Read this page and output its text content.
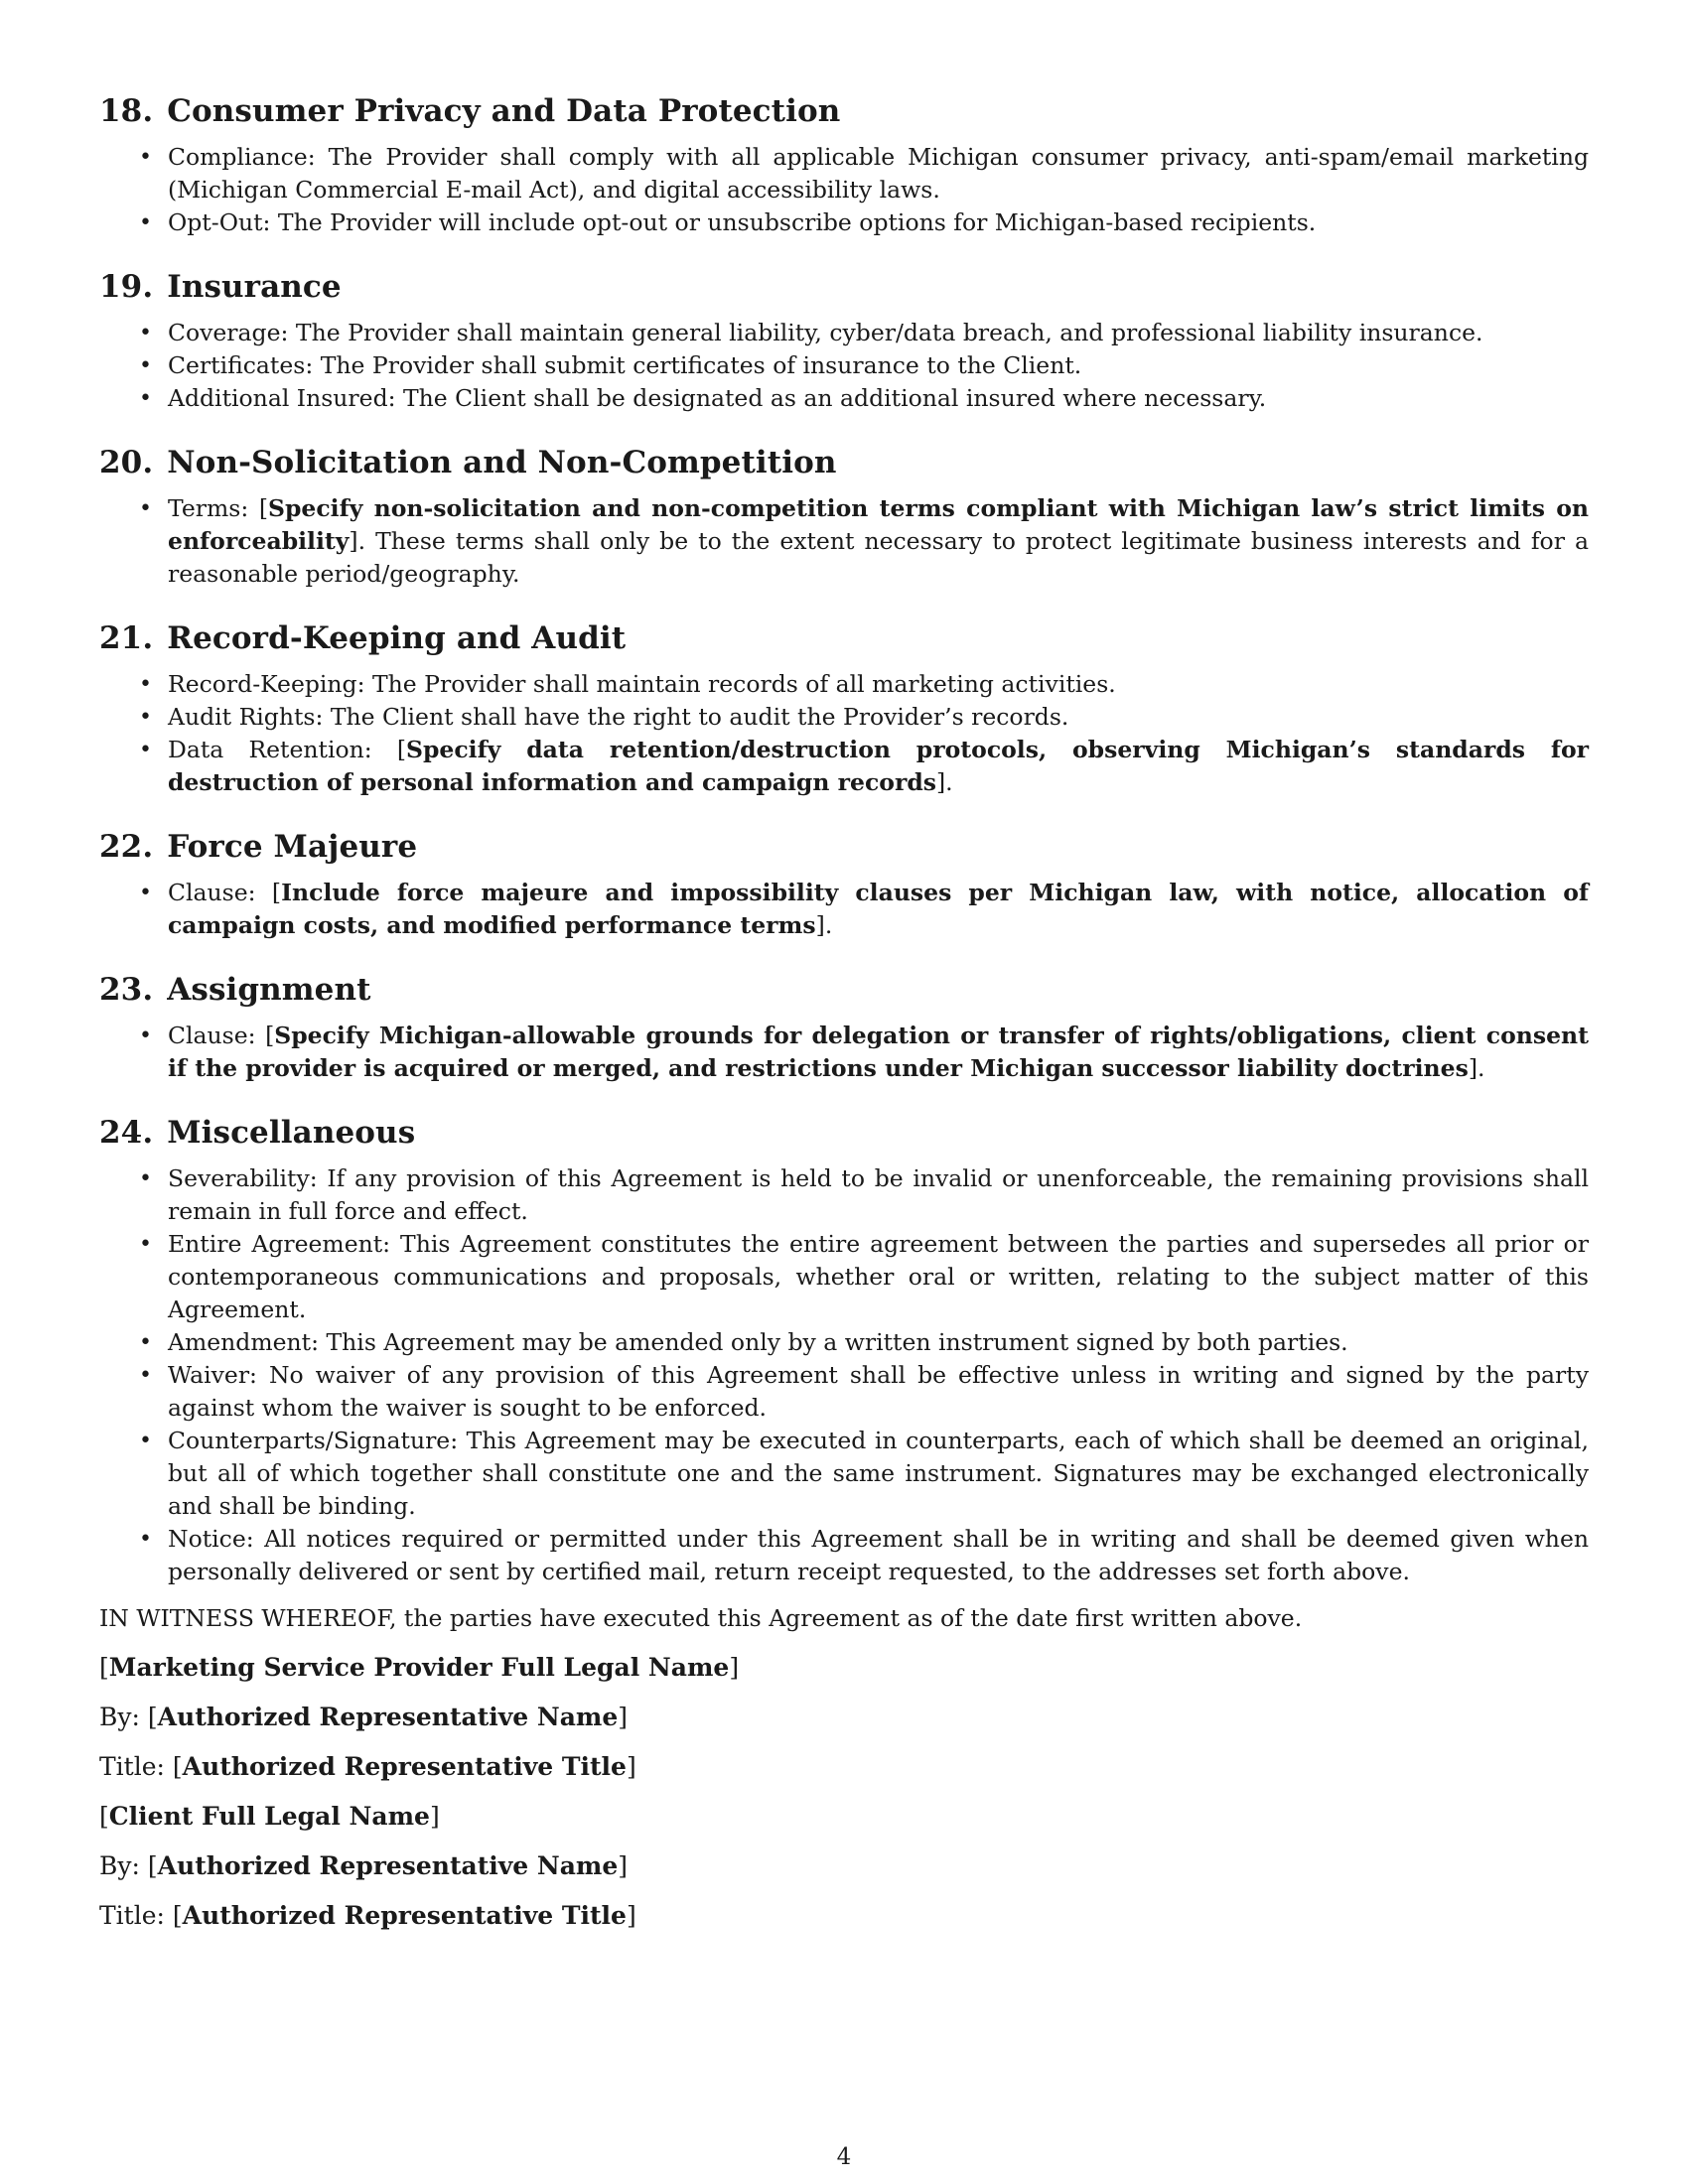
18. Consumer Privacy and Data Protection
• Compliance: The Provider shall comply with all applicable Michigan consumer privacy, anti-spam/email marketing (Michigan Commercial E-mail Act), and digital accessibility laws.
• Opt-Out: The Provider will include opt-out or unsubscribe options for Michigan-based recipients.
19. Insurance
• Coverage: The Provider shall maintain general liability, cyber/data breach, and professional liability insurance.
• Certificates: The Provider shall submit certificates of insurance to the Client.
• Additional Insured: The Client shall be designated as an additional insured where necessary.
20. Non-Solicitation and Non-Competition
• Terms: [Specify non-solicitation and non-competition terms compliant with Michigan law’s strict limits on enforceability]. These terms shall only be to the extent necessary to protect legitimate business interests and for a reasonable period/geography.
21. Record-Keeping and Audit
• Record-Keeping: The Provider shall maintain records of all marketing activities.
• Audit Rights: The Client shall have the right to audit the Provider’s records.
• Data Retention: [Specify data retention/destruction protocols, observing Michigan’s standards for destruction of personal information and campaign records].
22. Force Majeure
• Clause: [Include force majeure and impossibility clauses per Michigan law, with notice, allocation of campaign costs, and modified performance terms].
23. Assignment
• Clause: [Specify Michigan-allowable grounds for delegation or transfer of rights/obligations, client consent if the provider is acquired or merged, and restrictions under Michigan successor liability doctrines].
24. Miscellaneous
• Severability: If any provision of this Agreement is held to be invalid or unenforceable, the remaining provisions shall remain in full force and effect.
• Entire Agreement: This Agreement constitutes the entire agreement between the parties and supersedes all prior or contemporaneous communications and proposals, whether oral or written, relating to the subject matter of this Agreement.
• Amendment: This Agreement may be amended only by a written instrument signed by both parties.
• Waiver: No waiver of any provision of this Agreement shall be effective unless in writing and signed by the party against whom the waiver is sought to be enforced.
• Counterparts/Signature: This Agreement may be executed in counterparts, each of which shall be deemed an original, but all of which together shall constitute one and the same instrument. Signatures may be exchanged electronically and shall be binding.
• Notice: All notices required or permitted under this Agreement shall be in writing and shall be deemed given when personally delivered or sent by certified mail, return receipt requested, to the addresses set forth above.

IN WITNESS WHEREOF, the parties have executed this Agreement as of the date first written above.

[Marketing Service Provider Full Legal Name]

By: [Authorized Representative Name]

Title: [Authorized Representative Title]

[Client Full Legal Name]

By: [Authorized Representative Name]

Title: [Authorized Representative Title]

4
